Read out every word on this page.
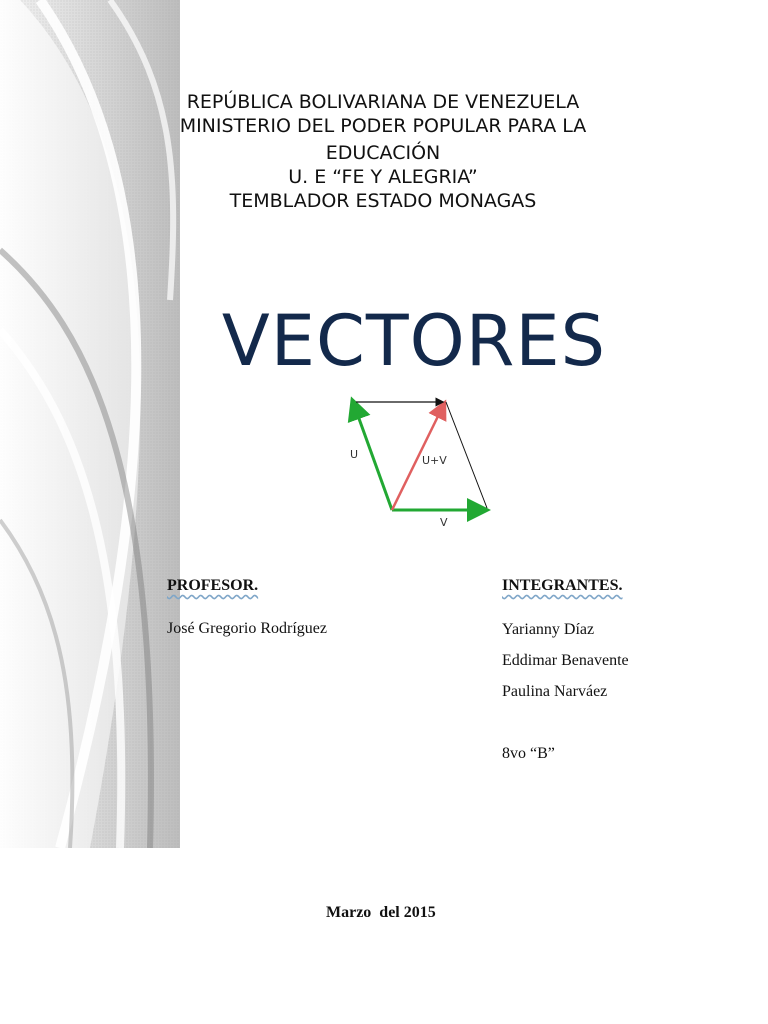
REPÚBLICA BOLIVARIANA DE VENEZUELA
MINISTERIO DEL PODER POPULAR PARA LA
EDUCACIÓN
U. E “FE Y ALEGRIA”
TEMBLADOR ESTADO MONAGAS
VECTORES
U	U+V
V
PROFESOR.
José Gregorio Rodríguez
INTEGRANTES.
Yarianny Díaz
Eddimar Benavente
Paulina Narváez
8vo “B”
Marzo  del 2015
